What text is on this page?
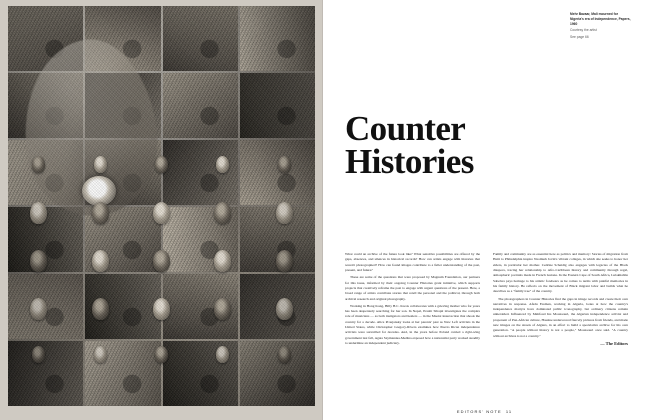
Mehr Bazaar, Mali mourned for Nigeria's era of Independence, Papers, 1960
Courtesy the artist
See page 66
Counter
Histories

What could an archive of the future look like? What sensitive possibilities are offered by the gaps, absences, and silences in historical records? How can artists engage with histories that weren't photographed? How can found images contribute to a fuller understanding of the past, present, and future?

These are some of the questions that were proposed by Magnum Foundation, our partners for this issue, informed by their ongoing Counter Histories grant initiative, which supports projects that creatively reframe the past to engage with urgent questions of the present. Here, a broad range of artists contribute stories that retell the personal and the political, through both archival research and original photography.

Working in Hong Kong, Billy H.C. Kwok collaborates with a grieving mother who for years has been desperately searching for her son. In Nepal, Prasiit Sthapit investigates the complex role of musicians — as both instigators and healers — in the Maoist insurrection that shook the country for a decade. Alice Proujansky looks at her parents' past as New Left activists in the United States, while Christopher Gregory-Rivera examines how Puerto Rican independence activists were surveilled for decades. And, in the years before Poland carried a right-wing government last fall, Agata Szymanska-Medina exposed how a nationalist party worked steadily to undermine an independent judiciary.

Family and community are as essential here as politics and memory: Stories of migration from Haiti to Philadelphia inspire Naomieh Jovin's vibrant collages, in which she seeks to honor her elders, in particular her mother. Cedrine Scheidig also engages with legacies of the Black diaspora, tracing her relationship to Afro-Caribbean history and community through regal, atmospheric portraits made in French Guiana. In the Eastern Cape of South Africa, Lulakhabile Sabelwa pays homage to his artistic forebears as he comes to terms with painful memories in his family history. He reflects on the movement of Black migrant labor and builds what he describes as a "family tree" of the country.

The photographers in Counter Histories find the gaps in image records and create their own narratives in response. Afsdu Essman, working in Algeria, looks at how the country's independence martyrs have dominated public iconography, but ordinary citizens remain unheralded. Influenced by Mahfoud Ins Mouzaouri, the Algerian independence activist and proponent of Pan-African culture, Hassine underscored fiercely pictures from friends, and made new images on the streets of Algiers, in an effort to build a speculative archive for his own generation. "A people without history is not a people," Mouzaouri once said. "A country without archives is not a country."

— The Editors

EDITORS' NOTE 11
